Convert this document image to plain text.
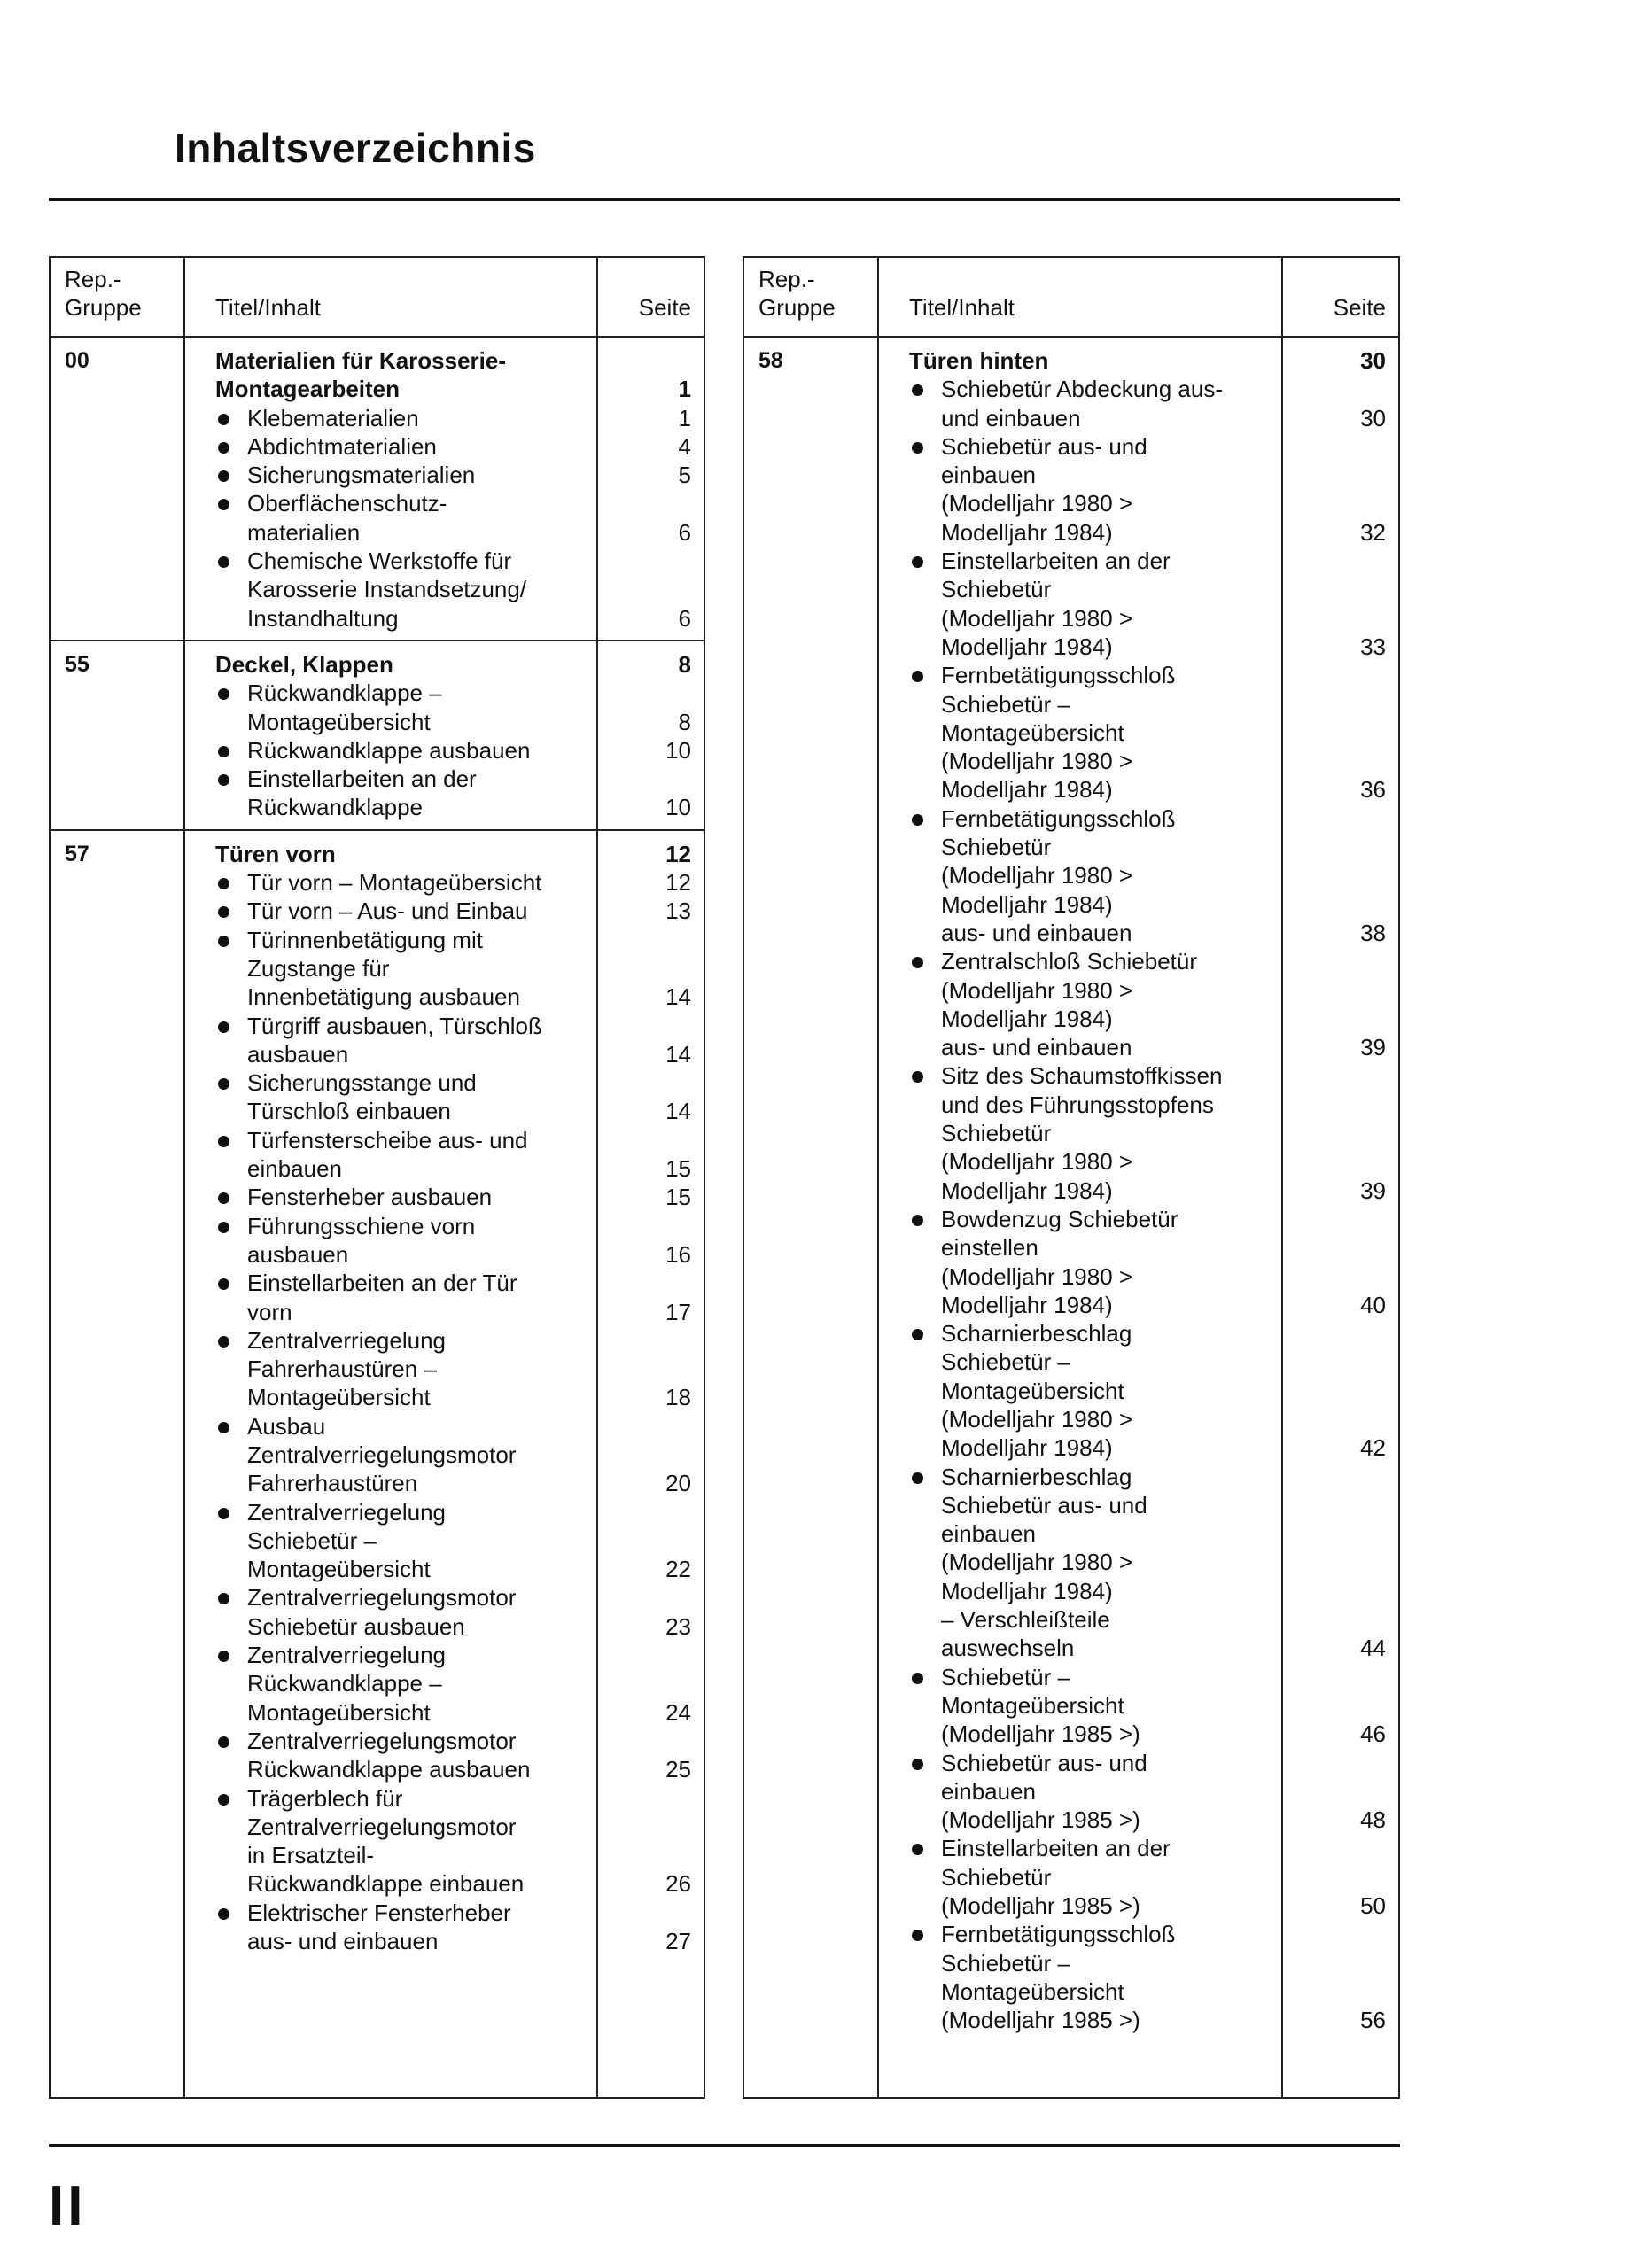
Inhaltsverzeichnis
Rep.-
Gruppe	Titel/Inhalt	Seite
00	Materialien für Karosserie-
Montagearbeiten	1
Klebematerialien	1
Abdichtmaterialien	4
Sicherungsmaterialien	5
Oberflächenschutz-
materialien	6
Chemische Werkstoffe für
Karosserie Instandsetzung/
Instandhaltung	6
55	Deckel, Klappen	8
Rückwandklappe –
Montageübersicht	8
Rückwandklappe ausbauen	10
Einstellarbeiten an der
Rückwandklappe	10
57	Türen vorn	12
Tür vorn – Montageübersicht	12
Tür vorn – Aus- und Einbau	13
Türinnenbetätigung mit
Zugstange für
Innenbetätigung ausbauen	14
Türgriff ausbauen, Türschloß
ausbauen	14
Sicherungsstange und
Türschloß einbauen	14
Türfensterscheibe aus- und
einbauen	15
Fensterheber ausbauen	15
Führungsschiene vorn
ausbauen	16
Einstellarbeiten an der Tür
vorn	17
Zentralverriegelung
Fahrerhaustüren –
Montageübersicht	18
Ausbau
Zentralverriegelungsmotor
Fahrerhaustüren	20
Zentralverriegelung
Schiebetür –
Montageübersicht	22
Zentralverriegelungsmotor
Schiebetür ausbauen	23
Zentralverriegelung
Rückwandklappe –
Montageübersicht	24
Zentralverriegelungsmotor
Rückwandklappe ausbauen	25
Trägerblech für
Zentralverriegelungsmotor
in Ersatzteil-
Rückwandklappe einbauen	26
Elektrischer Fensterheber
aus- und einbauen	27
Rep.-
Gruppe	Titel/Inhalt	Seite
58	Türen hinten	30
Schiebetür Abdeckung aus-
und einbauen	30
Schiebetür aus- und
einbauen
(Modelljahr 1980 >
Modelljahr 1984)	32
Einstellarbeiten an der
Schiebetür
(Modelljahr 1980 >
Modelljahr 1984)	33
Fernbetätigungsschloß
Schiebetür –
Montageübersicht
(Modelljahr 1980 >
Modelljahr 1984)	36
Fernbetätigungsschloß
Schiebetür
(Modelljahr 1980 >
Modelljahr 1984)
aus- und einbauen	38
Zentralschloß Schiebetür
(Modelljahr 1980 >
Modelljahr 1984)
aus- und einbauen	39
Sitz des Schaumstoffkissen
und des Führungsstopfens
Schiebetür
(Modelljahr 1980 >
Modelljahr 1984)	39
Bowdenzug Schiebetür
einstellen
(Modelljahr 1980 >
Modelljahr 1984)	40
Scharnierbeschlag
Schiebetür –
Montageübersicht
(Modelljahr 1980 >
Modelljahr 1984)	42
Scharnierbeschlag
Schiebetür aus- und
einbauen
(Modelljahr 1980 >
Modelljahr 1984)
– Verschleißteile
auswechseln	44
Schiebetür –
Montageübersicht
(Modelljahr 1985 >)	46
Schiebetür aus- und
einbauen
(Modelljahr 1985 >)	48
Einstellarbeiten an der
Schiebetür
(Modelljahr 1985 >)	50
Fernbetätigungsschloß
Schiebetür –
Montageübersicht
(Modelljahr 1985 >)	56
II
